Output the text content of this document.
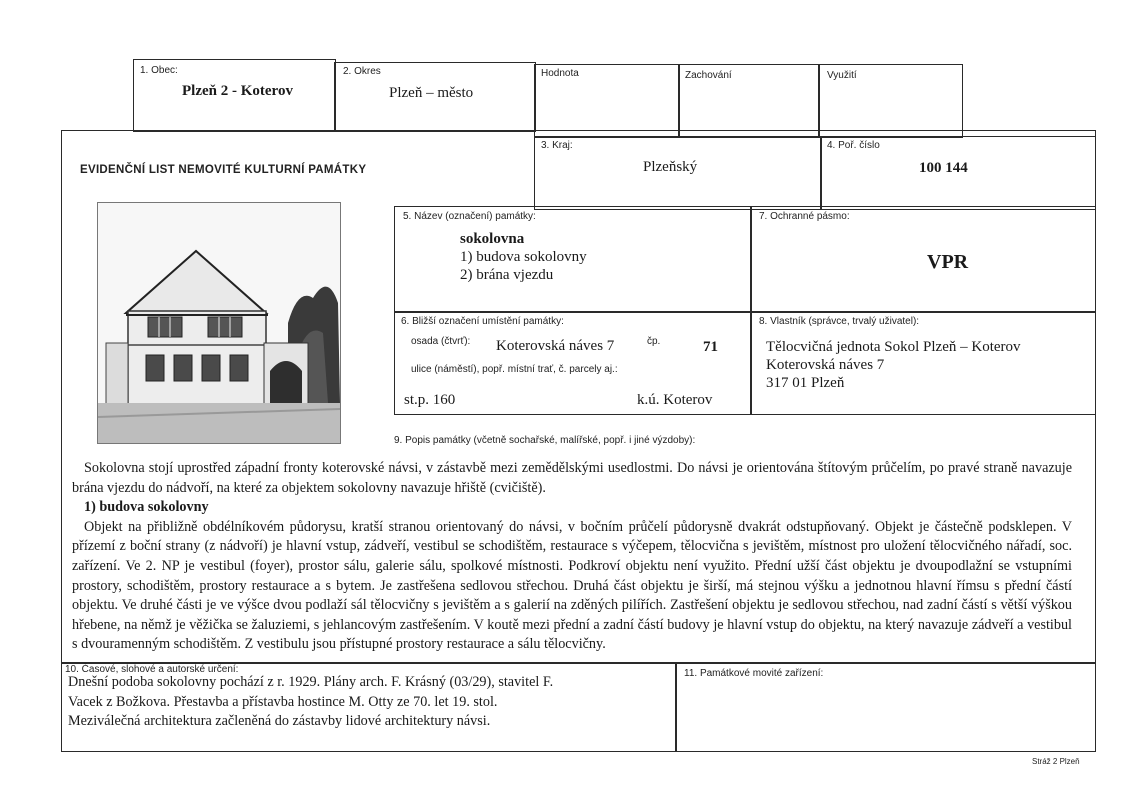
1. Obec:
Plzeň 2 - Koterov
2. Okres
Plzeň – město
Hodnota	Zachování	Využití
EVIDENČNÍ LIST NEMOVITÉ KULTURNÍ PAMÁTKY
3. Kraj:
Plzeňský
4. Poř. číslo
100 144
5. Název (označení) památky:
sokolovna
1) budova sokolovny
2) brána vjezdu
7. Ochranné pásmo:
VPR
6. Bližší označení umístění památky:
osada (čtvrť): Koterovská náves 7	čp.	71
ulice (náměstí), popř. místní trať, č. parcely aj.:
st.p. 160	k.ú. Koterov
8. Vlastník (správce, trvalý uživatel):
Tělocvičná jednota Sokol Plzeň – Koterov
Koterovská náves 7
317 01 Plzeň
9. Popis památky (včetně sochařské, malířské, popř. i jiné výzdoby):

Sokolovna stojí uprostřed západní fronty koterovské návsi, v zástavbě mezi zemědělskými usedlostmi. Do návsi je orientována štítovým průčelím, po pravé straně navazuje brána vjezdu do nádvoří, na které za objektem sokolovny navazuje hřiště (cvičiště).

1) budova sokolovny

Objekt na přibližně obdélníkovém půdorysu, kratší stranou orientovaný do návsi, v bočním průčelí půdorysně dvakrát odstupňovaný. Objekt je částečně podsklepen. V přízemí z boční strany (z nádvoří) je hlavní vstup, zádveří, vestibul se schodištěm, restaurace s výčepem, tělocvična s jevištěm, místnost pro uložení tělocvičného nářadí, soc. zařízení. Ve 2. NP je vestibul (foyer), prostor sálu, galerie sálu, spolkové místnosti. Podkroví objektu není využito. Přední užší část objektu je dvoupodlažní se vstupními prostory, schodištěm, prostory restaurace a s bytem. Je zastřešena sedlovou střechou. Druhá část objektu je širší, má stejnou výšku a jednotnou hlavní římsu s přední částí objektu. Ve druhé části je ve výšce dvou podlaží sál tělocvičny s jevištěm a s galerií na zděných pilířích. Zastřešení objektu je sedlovou střechou, nad zadní částí s větší výškou hřebene, na němž je věžička se žaluziemi, s jehlancovým zastřešením. V koutě mezi přední a zadní částí budovy je hlavní vstup do objektu, na který navazuje zádveří a vestibul s dvouramenným schodištěm. Z vestibulu jsou přístupné prostory restaurace a sálu tělocvičny.

10. Časové, slohové a autorské určení:
Dnešní podoba sokolovny pochází z r. 1929. Plány arch. F. Krásný (03/29), stavitel F.
Vacek z Božkova. Přestavba a přístavba hostince M. Otty ze 70. let 19. stol.
Meziválečná architektura začleněná do zástavby lidové architektury návsi.
11. Památkové movité zařízení:
Stráž 2 Plzeň
